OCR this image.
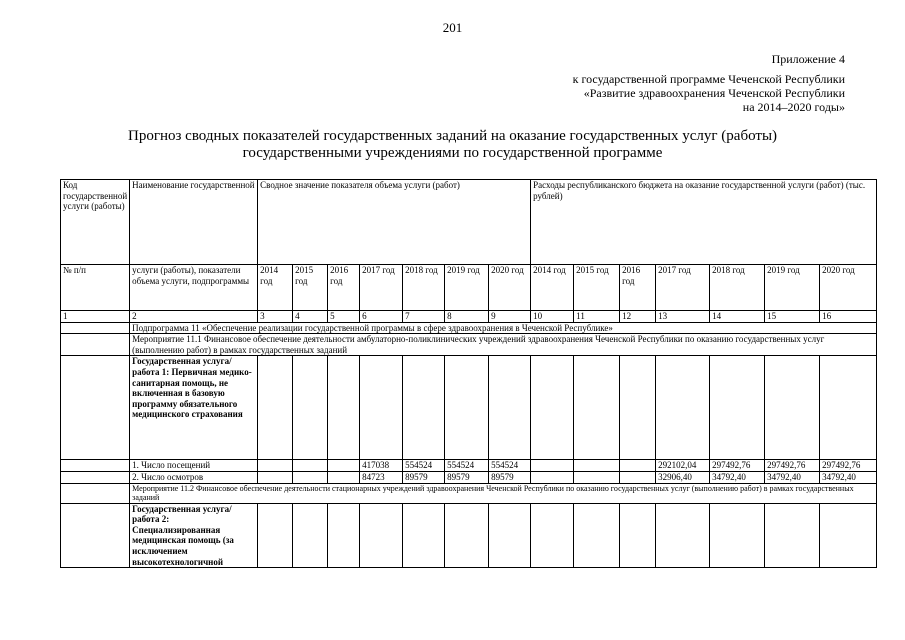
201
Приложение 4
к государственной программе Чеченской Республики
«Развитие здравоохранения Чеченской Республики
на 2014–2020 годы»
Прогноз сводных показателей государственных заданий на оказание государственных услуг (работы)
государственными учреждениями по государственной программе
Код государственной услуги (работы)	Наименование государственной	Сводное значение показателя объема услуги (работ)							Расходы республиканского бюджета на оказание государственной услуги (работ) (тыс. рублей)						
№ п/п	услуги (работы), показатели объема услуги, подпрограммы	2014 год	2015 год	2016 год	2017 год	2018 год	2019 год	2020 год	2014 год	2015 год	2016 год	2017 год	2018 год	2019 год	2020 год
1	2	3	4	5	6	7	8	9	10	11	12	13	14	15	16
	Подпрограмма 11 «Обеспечение реализации государственной программы в сфере здравоохранения в Чеченской Республике»														
	Мероприятие 11.1 Финансовое обеспечение деятельности амбулаторно-поликлинических учреждений здравоохранения Чеченской Республики по оказанию государственных услуг (выполнению работ) в рамках государственных заданий														
	Государственная услуга/работа 1: Первичная медико-санитарная помощь, не включенная в базовую программу обязательного медицинского страхования														
	1. Число посещений				417038	554524	554524	554524				292102,04	297492,76	297492,76	297492,76
	2. Число осмотров				84723	89579	89579	89579				32906,40	34792,40	34792,40	34792,40
	Мероприятие 11.2 Финансовое обеспечение деятельности стационарных учреждений здравоохранения Чеченской Республики по оказанию государственных услуг (выполнению работ) в рамках государственных заданий														
	Государственная услуга/работа 2: Специализированная медицинская помощь (за исключением высокотехнологичной														
